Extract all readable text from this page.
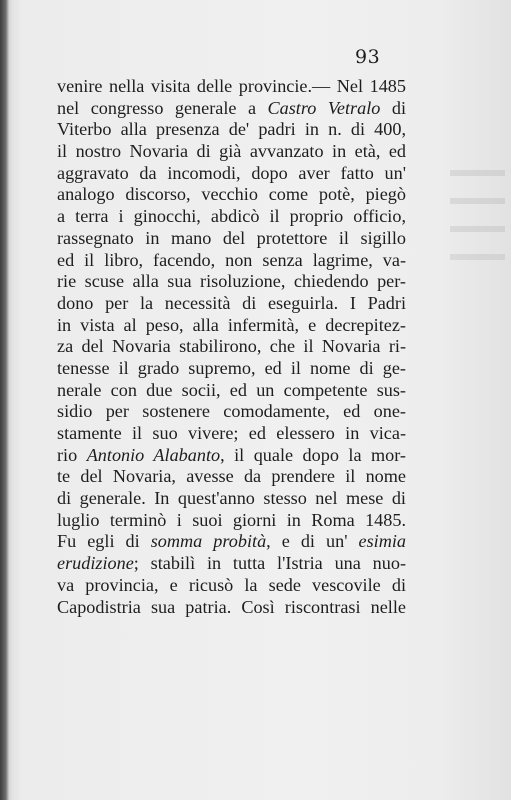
93
venire nella visita delle provincie.— Nel 1485
nel congresso generale a Castro Vetralo di
Viterbo alla presenza de' padri in n. di 400,
il nostro Novaria di già avvanzato in età, ed
aggravato da incomodi, dopo aver fatto un'
analogo discorso, vecchio come potè, piegò
a terra i ginocchi, abdicò il proprio officio,
rassegnato in mano del protettore il sigillo
ed il libro, facendo, non senza lagrime, va-
rie scuse alla sua risoluzione, chiedendo per-
dono per la necessità di eseguirla. I Padri
in vista al peso, alla infermità, e decrepitez-
za del Novaria stabilirono, che il Novaria ri-
tenesse il grado supremo, ed il nome di ge-
nerale con due socii, ed un competente sus-
sidio per sostenere comodamente, ed one-
stamente il suo vivere; ed elessero in vica-
rio Antonio Alabanto, il quale dopo la mor-
te del Novaria, avesse da prendere il nome
di generale. In quest'anno stesso nel mese di
luglio terminò i suoi giorni in Roma 1485.
Fu egli di somma probità, e di un' esimia
erudizione; stabilì in tutta l'Istria una nuo-
va provincia, e ricusò la sede vescovile di
Capodistria sua patria. Così riscontrasi nelle
